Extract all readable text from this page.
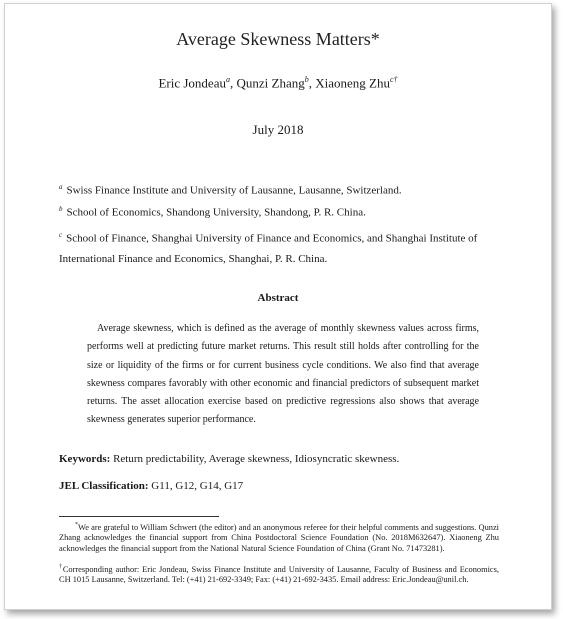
Average Skewness Matters*
Eric Jondeau$^a$, Qunzi Zhang$^b$, Xiaoneng Zhu$^{c\dagger}$
July 2018
$^a$ Swiss Finance Institute and University of Lausanne, Lausanne, Switzerland.
$^b$ School of Economics, Shandong University, Shandong, P. R. China.
$^c$ School of Finance, Shanghai University of Finance and Economics, and Shanghai Institute of International Finance and Economics, Shanghai, P. R. China.
Abstract
Average skewness, which is defined as the average of monthly skewness values across firms, performs well at predicting future market returns. This result still holds after controlling for the size or liquidity of the firms or for current business cycle conditions. We also find that average skewness compares favorably with other economic and financial predictors of subsequent market returns. The asset allocation exercise based on predictive regressions also shows that average skewness generates superior performance.
Keywords: Return predictability, Average skewness, Idiosyncratic skewness.
JEL Classification: G11, G12, G14, G17
*We are grateful to William Schwert (the editor) and an anonymous referee for their helpful comments and suggestions. Qunzi Zhang acknowledges the financial support from China Postdoctoral Science Foundation (No. 2018M632647). Xiaoneng Zhu acknowledges the financial support from the National Natural Science Foundation of China (Grant No. 71473281).
†Corresponding author: Eric Jondeau, Swiss Finance Institute and University of Lausanne, Faculty of Business and Economics, CH 1015 Lausanne, Switzerland. Tel: (+41) 21-692-3349; Fax: (+41) 21-692-3435. Email address: Eric.Jondeau@unil.ch.
